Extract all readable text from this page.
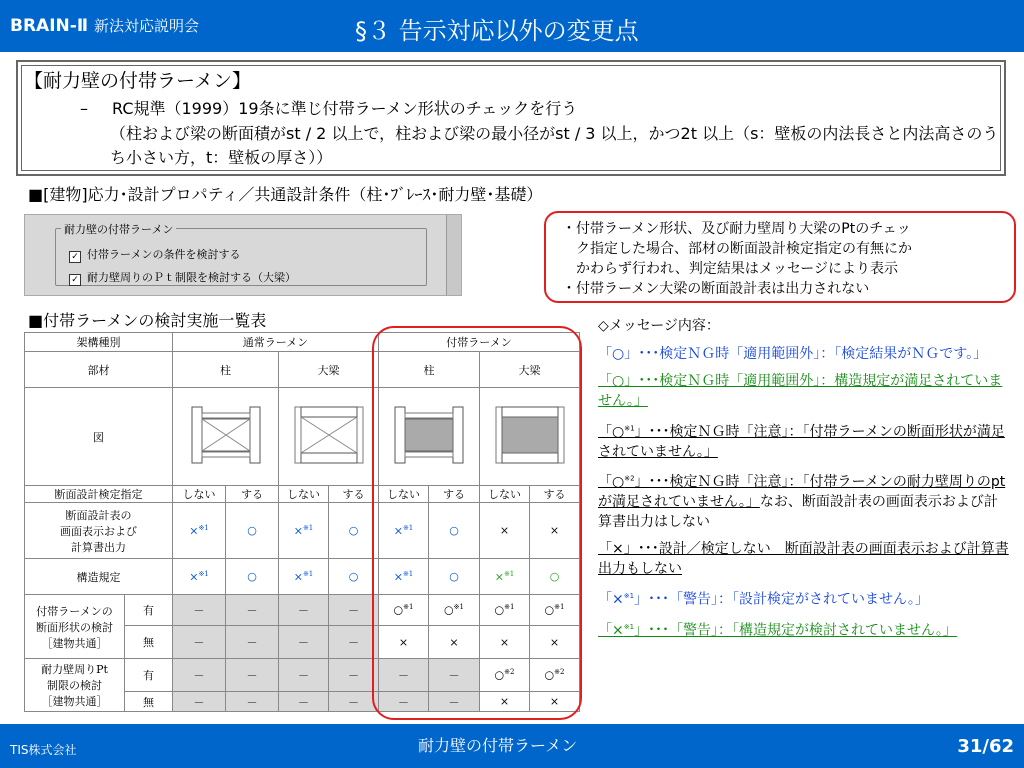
BRAIN-Ⅱ 新法対応説明会	§３ 告示対応以外の変更点
【耐力壁の付帯ラーメン】
– RC規準（1999）19条に準じ付帯ラーメン形状のチェックを行う
（柱および梁の断面積がst / 2 以上で，柱および梁の最小径がst / 3 以上，かつ2t 以上（s：壁板の内法長さと内法高さのうち小さい方，t：壁板の厚さ））
■[建物]応力･設計プロパティ／共通設計条件（柱･ﾌﾞﾚｰｽ･耐力壁･基礎）
耐力壁の付帯ラーメン
✓ 付帯ラーメンの条件を検討する
✓ 耐力壁周りのＰｔ制限を検討する（大梁）
・付帯ラーメン形状、及び耐力壁周り大梁のPtのチェッ
ク指定した場合、部材の断面設計検定指定の有無にか
かわらず行われ、判定結果はメッセージにより表示
・付帯ラーメン大梁の断面設計表は出力されない
■付帯ラーメンの検討実施一覧表
架構種別		通常ラーメン				付帯ラーメン			
部材		柱		大梁		柱		大梁	
図				
断面設計検定指定		しない	する	しない	する	しない	する	しない	する

断面設計表の
画面表示および
計算書出力		×$^{※1}$	○	×$^{※1}$	○	×$^{※1}$	○	×	×
構造規定		×$^{※1}$	○	×$^{※1}$	○	×$^{※1}$	○	×$^{※1}$	○

付帯ラーメンの
断面形状の検討
［建物共通］	有	－	－	－	－	○$^{※1}$	○$^{※1}$	○$^{※1}$	○$^{※1}$
	無	－	－	－	－	×	×	×	×

耐力壁周りPt
制限の検討
［建物共通］	有	－	－	－	－	－	－	○$^{※2}$	○$^{※2}$
	無	－	－	－	－	－	－	×	×
◇メッセージ内容：
「○」･･･検定ＮＧ時「適用範囲外」：「検定結果がＮＧです。」
「○」･･･検定ＮＧ時「適用範囲外」：構造規定が満足されていません。」
「○$^{※1}$」･･･検定ＮＧ時「注意」：「付帯ラーメンの断面形状が満足されていません。」
「○$^{※2}$」･･･検定ＮＧ時「注意」：「付帯ラーメンの耐力壁周りのptが満足されていません。」なお、断面設計表の画面表示および計算書出力はしない
「×」･･･設計／検定しない　断面設計表の画面表示および計算書出力もしない
「×$^{※1}$」･･･「警告」：「設計検定がされていません。」
「×$^{※1}$」･･･「警告」：「構造規定が検討されていません。」
TIS株式会社	耐力壁の付帯ラーメン	31/62
